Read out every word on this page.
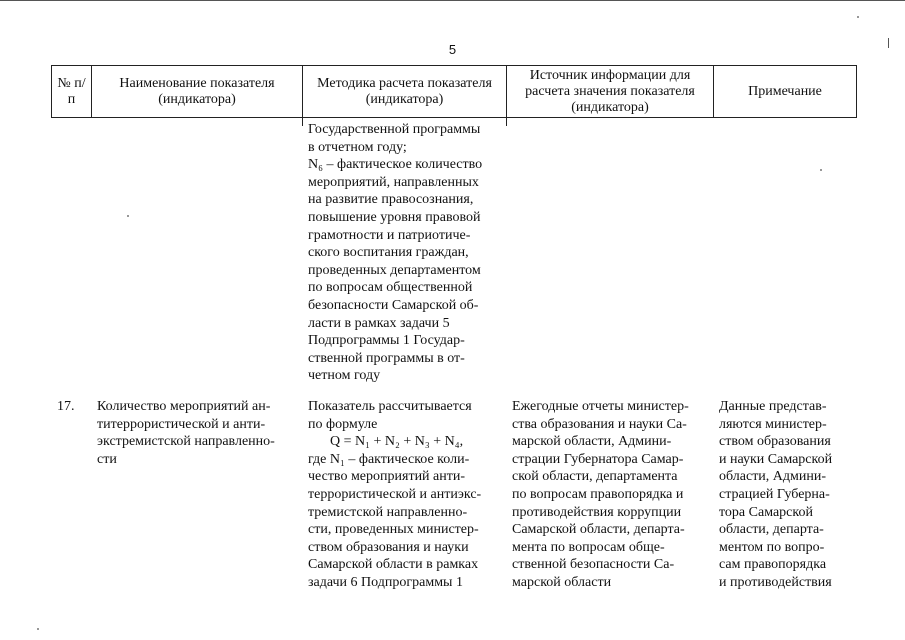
5
№ п/п
Наименование показателя (индикатора)
Методика расчета показателя (индикатора)
Источник информации для расчета значения показателя (индикатора)
Примечание
Государственной программы
в отчетном году;
N₆ – фактическое количество
мероприятий, направленных
на развитие правосознания,
повышение уровня правовой
грамотности и патриотиче-
ского воспитания граждан,
проведенных департаментом
по вопросам общественной
безопасности Самарской об-
ласти в рамках задачи 5
Подпрограммы 1 Государ-
ственной программы в от-
четном году
17.	Количество мероприятий ан-
титеррористической и анти-
экстремистской направленно-
сти
Показатель рассчитывается
по формуле
Q = N₁ + N₂ + N₃ + N₄,
где N₁ – фактическое коли-
чество мероприятий анти-
террористической и антиэкс-
тремистской направленно-
сти, проведенных министер-
ством образования и науки
Самарской области в рамках
задачи 6 Подпрограммы 1
Ежегодные отчеты министер-
ства образования и науки Са-
марской области, Админи-
страции Губернатора Самар-
ской области, департамента
по вопросам правопорядка и
противодействия коррупции
Самарской области, департа-
мента по вопросам обще-
ственной безопасности Са-
марской области
Данные представ-
ляются министер-
ством образования
и науки Самарской
области, Админи-
страцией Губерна-
тора Самарской
области, департа-
ментом по вопро-
сам правопорядка
и противодействия
